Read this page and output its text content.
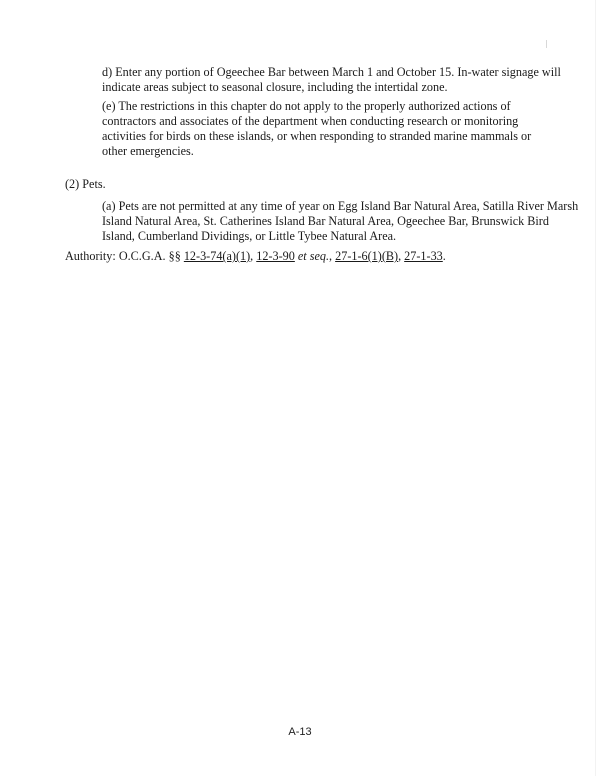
d) Enter any portion of Ogeechee Bar between March 1 and October 15. In-water signage will
indicate areas subject to seasonal closure, including the intertidal zone.

(e) The restrictions in this chapter do not apply to the properly authorized actions of
contractors and associates of the department when conducting research or monitoring
activities for birds on these islands, or when responding to stranded marine mammals or
other emergencies.

(2) Pets.

(a) Pets are not permitted at any time of year on Egg Island Bar Natural Area, Satilla River Marsh
Island Natural Area, St. Catherines Island Bar Natural Area, Ogeechee Bar, Brunswick Bird
Island, Cumberland Dividings, or Little Tybee Natural Area.

Authority: O.C.G.A. §§ 12-3-74(a)(1), 12-3-90 et seq., 27-1-6(1)(B), 27-1-33.

A-13
